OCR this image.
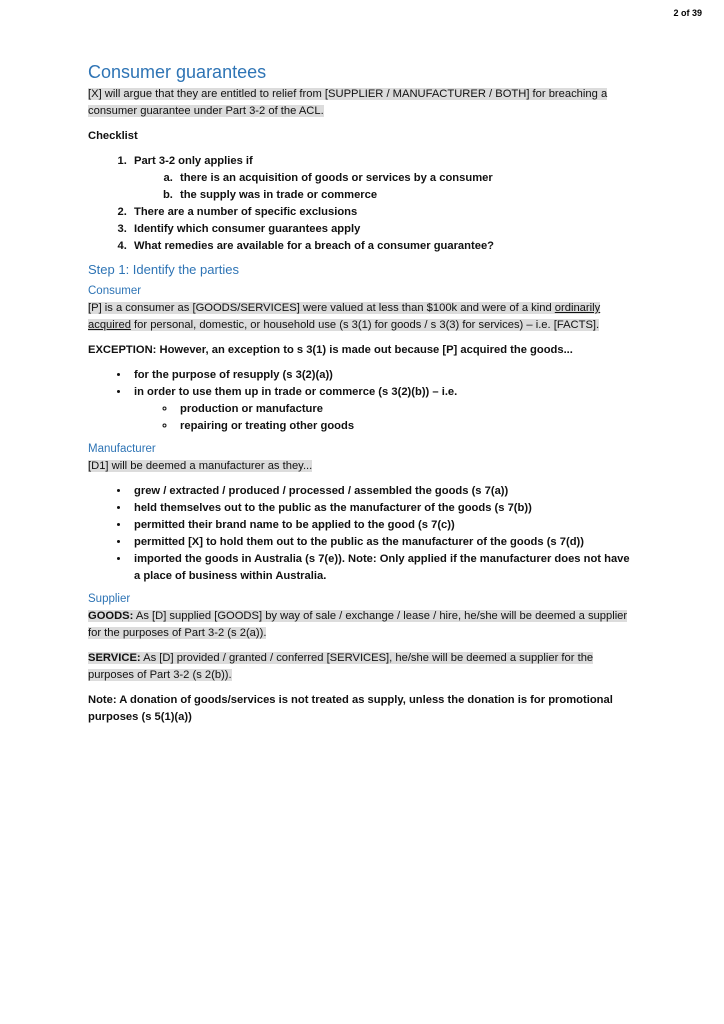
2 of 39
Consumer guarantees

[X] will argue that they are entitled to relief from [SUPPLIER / MANUFACTURER / BOTH] for breaching a consumer guarantee under Part 3-2 of the ACL.

Checklist
1. Part 3-2 only applies if
a. there is an acquisition of goods or services by a consumer
b. the supply was in trade or commerce
2. There are a number of specific exclusions
3. Identify which consumer guarantees apply
4. What remedies are available for a breach of a consumer guarantee?
Step 1: Identify the parties
Consumer

[P] is a consumer as [GOODS/SERVICES] were valued at less than $100k and were of a kind ordinarily acquired for personal, domestic, or household use (s 3(1) for goods / s 3(3) for services) – i.e. [FACTS].

EXCEPTION: However, an exception to s 3(1) is made out because [P] acquired the goods...

• for the purpose of resupply (s 3(2)(a))
• in order to use them up in trade or commerce (s 3(2)(b)) – i.e.
◦ production or manufacture
◦ repairing or treating other goods
Manufacturer

[D1] will be deemed a manufacturer as they...

• grew / extracted / produced / processed / assembled the goods (s 7(a))
• held themselves out to the public as the manufacturer of the goods (s 7(b))
• permitted their brand name to be applied to the good (s 7(c))
• permitted [X] to hold them out to the public as the manufacturer of the goods (s 7(d))
• imported the goods in Australia (s 7(e)). Note: Only applied if the manufacturer does not have a place of business within Australia.
Supplier

GOODS: As [D] supplied [GOODS] by way of sale / exchange / lease / hire, he/she will be deemed a supplier for the purposes of Part 3-2 (s 2(a)).

SERVICE: As [D] provided / granted / conferred [SERVICES], he/she will be deemed a supplier for the purposes of Part 3-2 (s 2(b)).

Note: A donation of goods/services is not treated as supply, unless the donation is for promotional purposes (s 5(1)(a))
